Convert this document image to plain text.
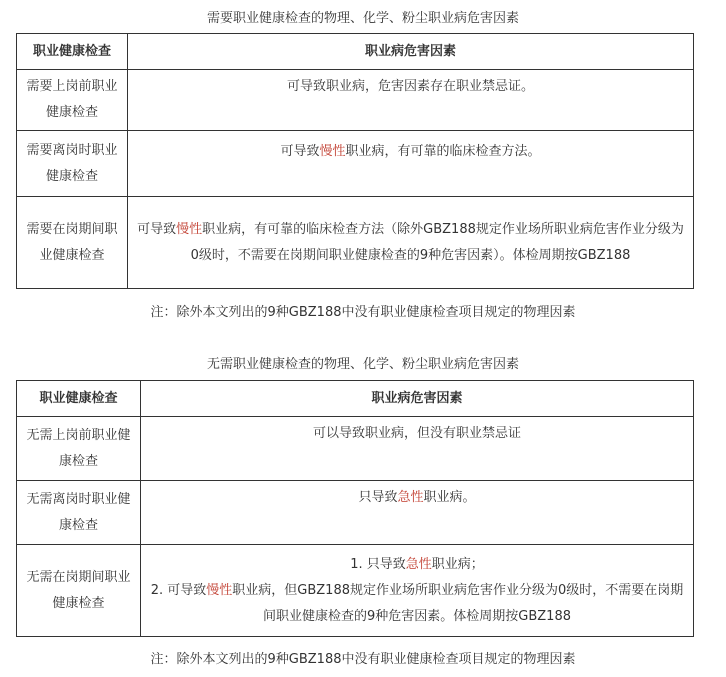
需要职业健康检查的物理、化学、粉尘职业病危害因素
职业健康检查	职业病危害因素
需要上岗前职业健康检查	可导致职业病，危害因素存在职业禁忌证。
需要离岗时职业健康检查	可导致慢性职业病，有可靠的临床检查方法。
需要在岗期间职业健康检查	可导致慢性职业病，有可靠的临床检查方法（除外GBZ188规定作业场所职业病危害作业分级为0级时，不需要在岗期间职业健康检查的9种危害因素）。体检周期按GBZ188
注：除外本文列出的9种GBZ188中没有职业健康检查项目规定的物理因素
无需职业健康检查的物理、化学、粉尘职业病危害因素
职业健康检查	职业病危害因素
无需上岗前职业健康检查	可以导致职业病，但没有职业禁忌证
无需离岗时职业健康检查	只导致急性职业病。
无需在岗期间职业健康检查	1. 只导致急性职业病；
2. 可导致慢性职业病，但GBZ188规定作业场所职业病危害作业分级为0级时，不需要在岗期间职业健康检查的9种危害因素。体检周期按GBZ188
注：除外本文列出的9种GBZ188中没有职业健康检查项目规定的物理因素
